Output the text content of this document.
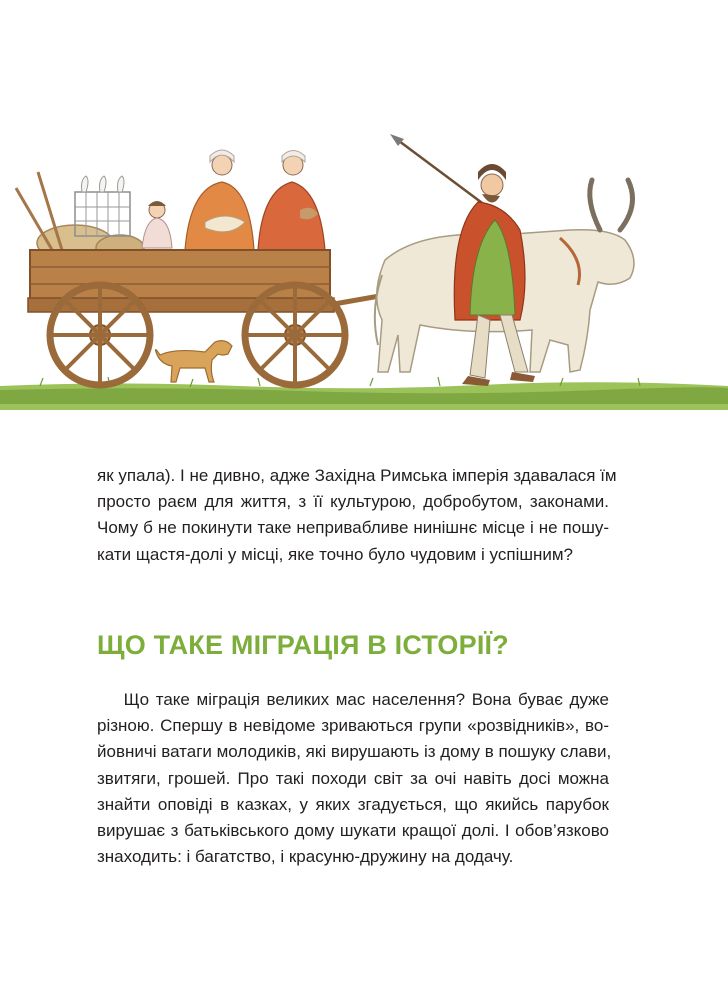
як упала). І не дивно, адже Західна Римська імперія здавалася їм
просто раєм для життя, з її культурою, добробутом, законами.
Чому б не покинути таке непривабливе нинішнє місце і не пошу-
кати щастя-долі у місці, яке точно було чудовим і успішним?

ЩО ТАКЕ МІГРАЦІЯ В ІСТОРІЇ?

Що таке міграція великих мас населення? Вона буває дуже
різною. Спершу в невідоме зриваються групи «розвідників», во-
йовничі ватаги молодиків, які вирушають із дому в пошуку слави,
звитяги, грошей. Про такі походи світ за очі навіть досі можна
знайти оповіді в казках, у яких згадується, що якийсь парубок
вирушає з батьківського дому шукати кращої долі. І обов’язково
знаходить: і багатство, і красуню-дружину на додачу.
